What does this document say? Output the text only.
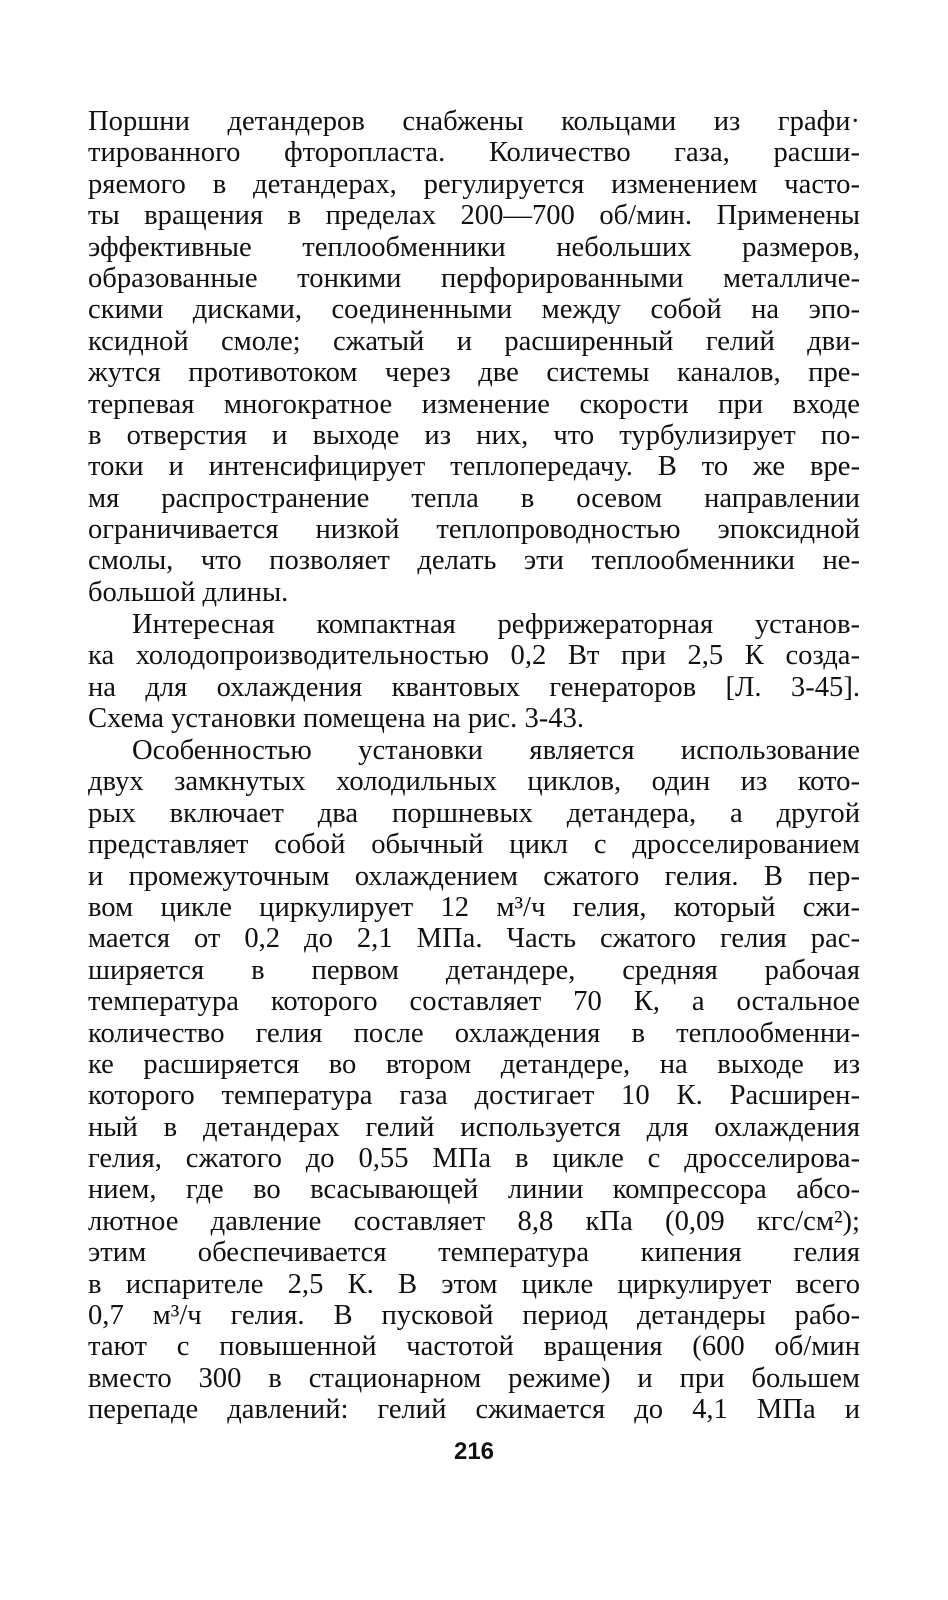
Поршни детандеров снабжены кольцами из графи·
тированного фторопласта. Количество газа, расши-
ряемого в детандерах, регулируется изменением часто-
ты вращения в пределах 200—700 об/мин. Применены
эффективные теплообменники небольших размеров,
образованные тонкими перфорированными металличе-
скими дисками, соединенными между собой на эпо-
ксидной смоле; сжатый и расширенный гелий дви-
жутся противотоком через две системы каналов, пре-
терпевая многократное изменение скорости при входе
в отверстия и выходе из них, что турбулизирует по-
токи и интенсифицирует теплопередачу. В то же вре-
мя распространение тепла в осевом направлении
ограничивается низкой теплопроводностью эпоксидной
смолы, что позволяет делать эти теплообменники не-
большой длины.
Интересная компактная рефрижераторная установ-
ка холодопроизводительностью 0,2 Вт при 2,5 К созда-
на для охлаждения квантовых генераторов [Л. 3-45].
Схема установки помещена на рис. 3-43.
Особенностью установки является использование
двух замкнутых холодильных циклов, один из кото-
рых включает два поршневых детандера, а другой
представляет собой обычный цикл с дросселированием
и промежуточным охлаждением сжатого гелия. В пер-
вом цикле циркулирует 12 м³/ч гелия, который сжи-
мается от 0,2 до 2,1 МПа. Часть сжатого гелия рас-
ширяется в первом детандере, средняя рабочая
температура которого составляет 70 К, а остальное
количество гелия после охлаждения в теплообменни-
ке расширяется во втором детандере, на выходе из
которого температура газа достигает 10 К. Расширен-
ный в детандерах гелий используется для охлаждения
гелия, сжатого до 0,55 МПа в цикле с дросселирова-
нием, где во всасывающей линии компрессора абсо-
лютное давление составляет 8,8 кПа (0,09 кгс/см²);
этим обеспечивается температура кипения гелия
в испарителе 2,5 К. В этом цикле циркулирует всего
0,7 м³/ч гелия. В пусковой период детандеры рабо-
тают с повышенной частотой вращения (600 об/мин
вместо 300 в стационарном режиме) и при большем
перепаде давлений: гелий сжимается до 4,1 МПа и
216
